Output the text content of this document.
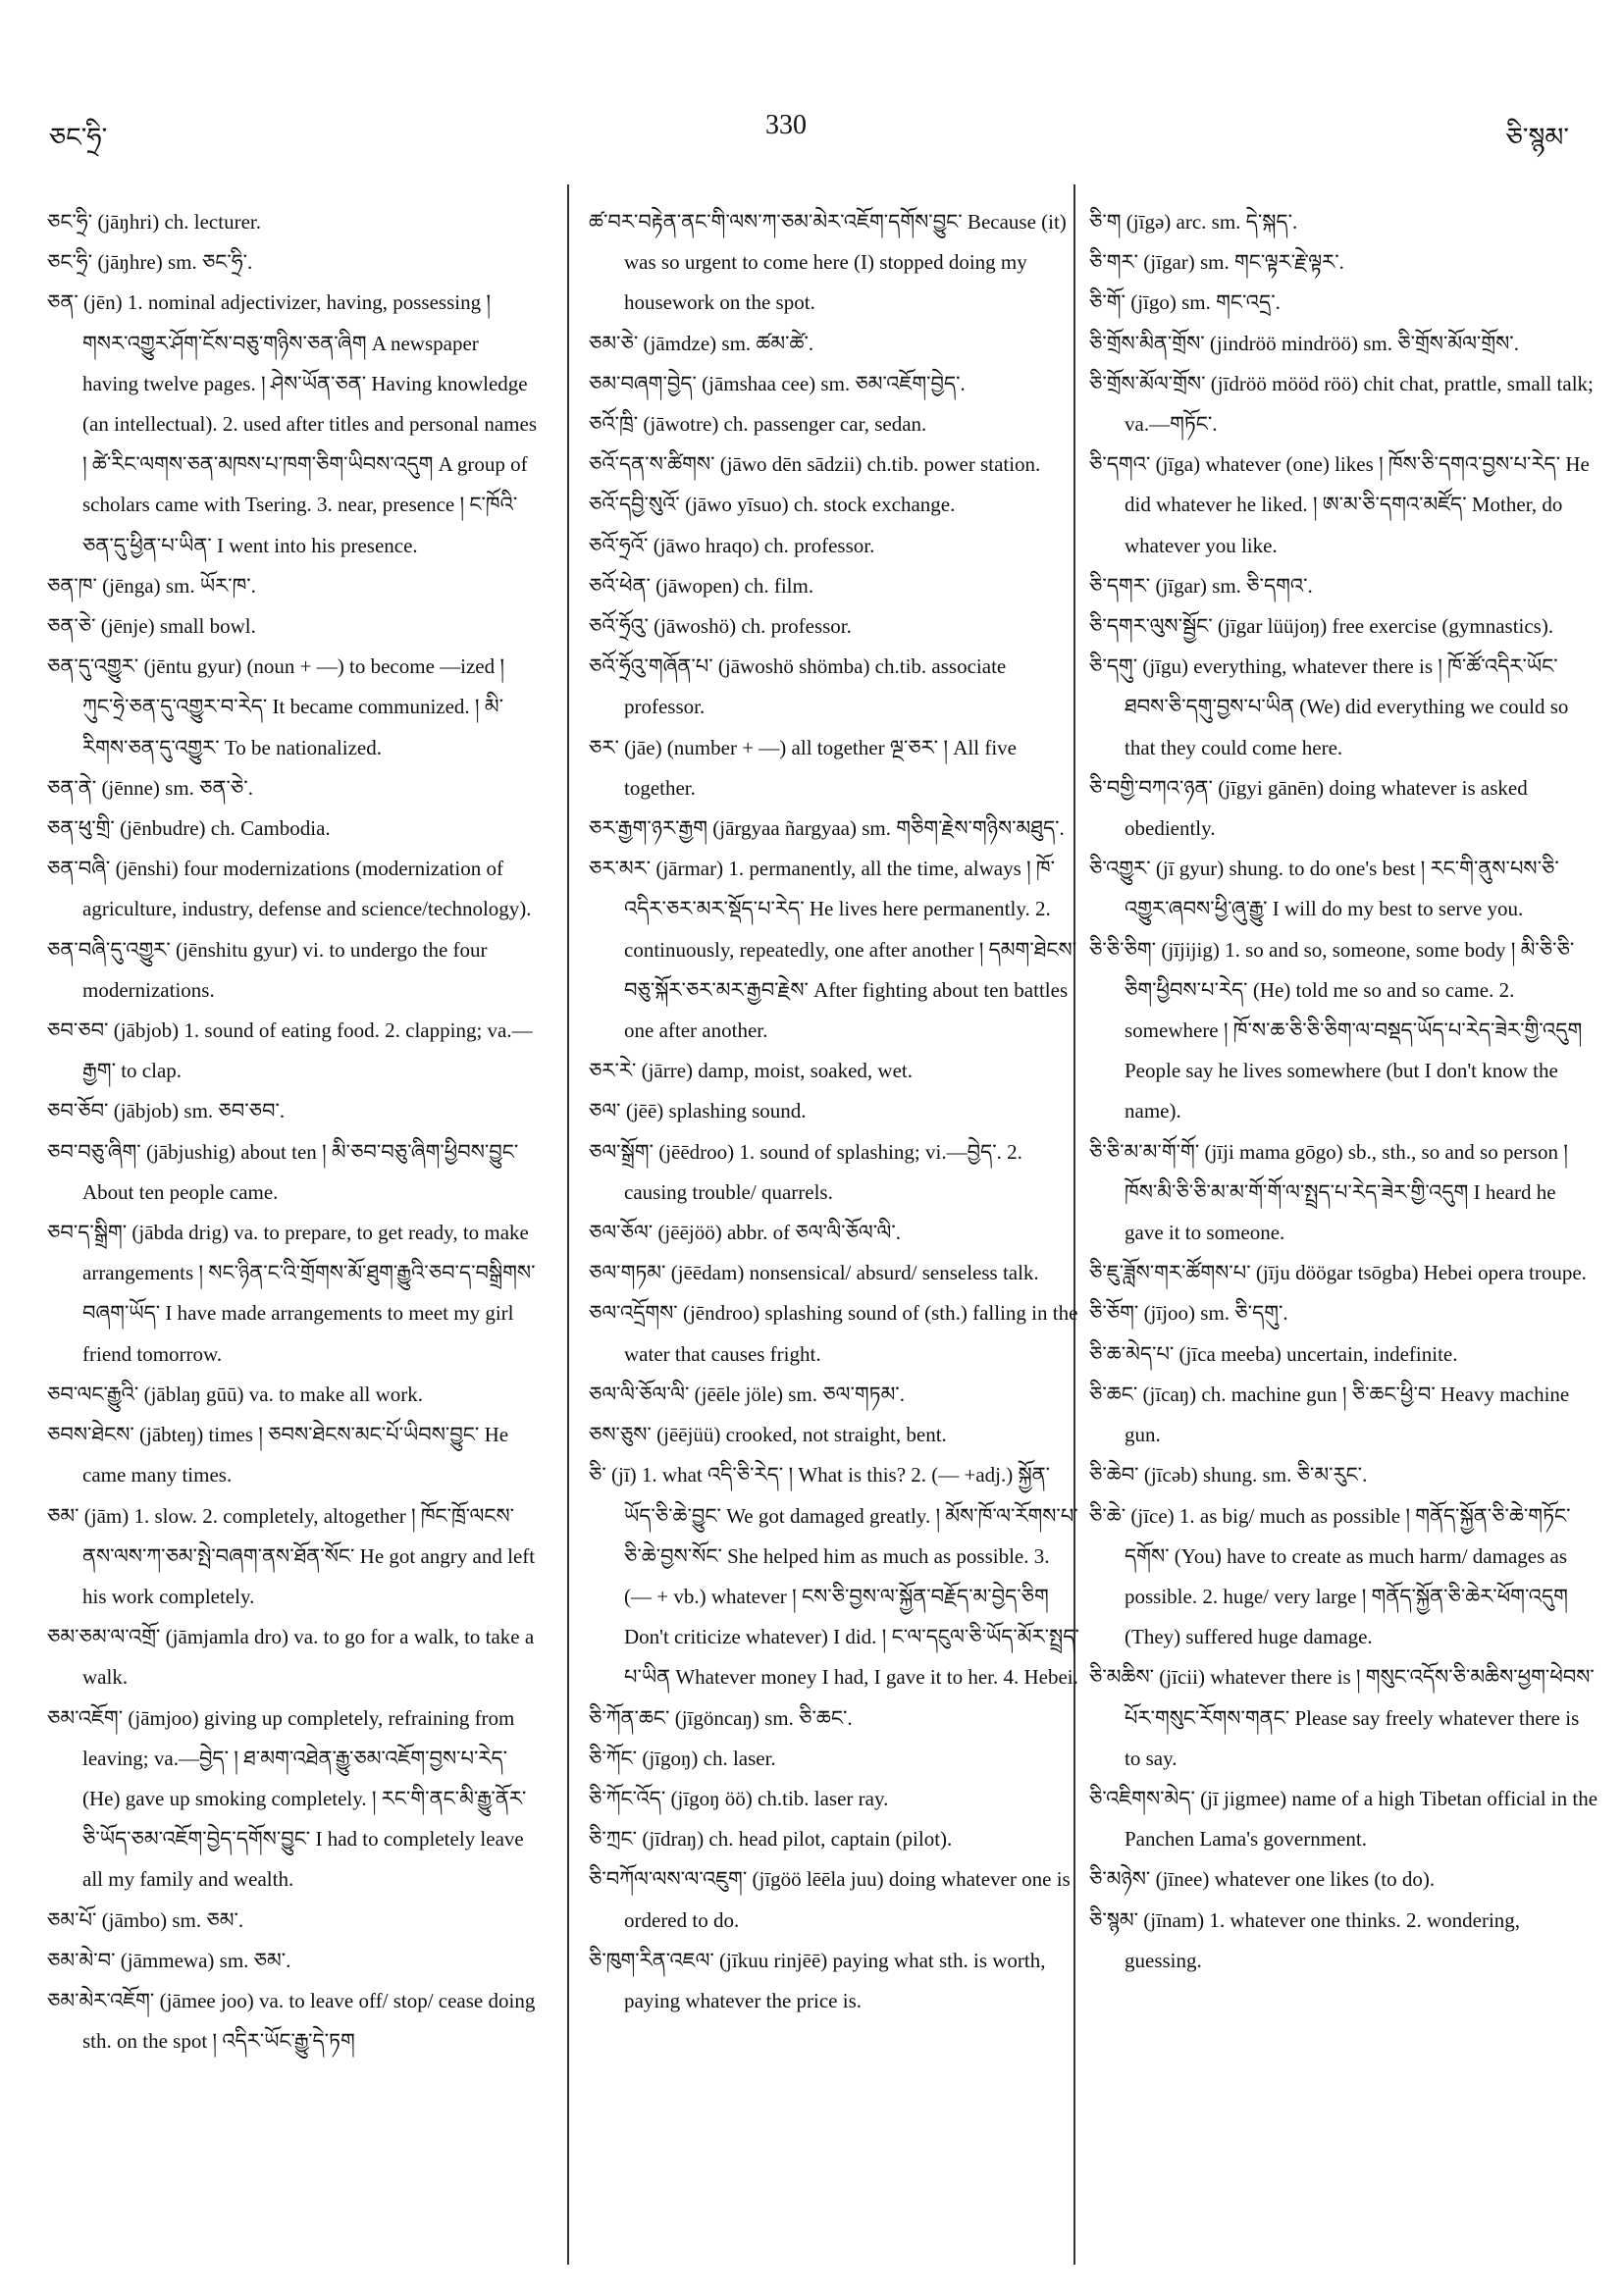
ཅང་ཧྲི་	330	ཅི་སྙམ་

ཅང་ཧྲི་ (jāŋhri) ch. lecturer.

ཅང་ཧྲི་ (jāŋhre) sm. ཅང་ཧྲི་.

ཅན་ (jēn) 1. nominal adjectivizer, having, possessing ། གསར་འགྱུར་ཤོག་ངོས་བཅུ་གཉིས་ཅན་ཞིག A newspaper having twelve pages. ། ཤེས་ཡོན་ཅན་ Having knowledge (an intellectual). 2. used after titles and personal names ། ཚེ་རིང་ལགས་ཅན་མཁས་པ་ཁག་ཅིག་ཡིབས་འདུག A group of scholars came with Tsering. 3. near, presence ། ང་ཁོའི་ཅན་དུ་ཕྱིན་པ་ཡིན་ I went into his presence.

ཅན་ཁ་ (jēnga) sm. ཡོར་ཁ་.

ཅན་ཅེ་ (jēnje) small bowl.

ཅན་དུ་འགྱུར་ (jēntu gyur) (noun + —) to become —ized ། ཀུང་ཧྲེ་ཅན་དུ་འགྱུར་བ་རེད་ It became communized. ། མི་རིགས་ཅན་དུ་འགྱུར་ To be nationalized.

ཅན་ནེ་ (jēnne) sm. ཅན་ཅེ་.

ཅན་ཕུ་གྲི་ (jēnbudre) ch. Cambodia.

ཅན་བཞི་ (jēnshi) four modernizations (modernization of agriculture, industry, defense and science/technology).

ཅན་བཞི་དུ་འགྱུར་ (jēnshitu gyur) vi. to undergo the four modernizations.

ཅབ་ཅབ་ (jābjob) 1. sound of eating food. 2. clapping; va.—རྒྱག་ to clap.

ཅབ་ཅོབ་ (jābjob) sm. ཅབ་ཅབ་.

ཅབ་བཅུ་ཞིག་ (jābjushig) about ten ། མི་ཅབ་བཅུ་ཞིག་ཕྱིབས་བྱུང་ About ten people came.

ཅབ་ད་སྒྲིག་ (jābda drig) va. to prepare, to get ready, to make arrangements ། སང་ཉིན་ང་འི་གྲོགས་མོ་ཐུག་རྒྱུའི་ཅབ་ད་བསྒྲིགས་བཞག་ཡོད་ I have made arrangements to meet my girl friend tomorrow.

ཅབ་ལང་རྒྱུའི་ (jāblaŋ gūū) va. to make all work.

ཅབས་ཐེངས་ (jābteŋ) times ། ཅབས་ཐེངས་མང་པོ་ཡིབས་བྱུང་ He came many times.

ཅམ་ (jām) 1. slow. 2. completely, altogether ། ཁོང་ཁྲོ་ལངས་ནས་ལས་ཀ་ཅམ་སྤེ་བཞག་ནས་ཐོན་སོང་ He got angry and left his work completely.

ཅམ་ཅམ་ལ་འགྲོ་ (jāmjamla dro) va. to go for a walk, to take a walk.

ཅམ་འཇོག་ (jāmjoo) giving up completely, refraining from leaving; va.—བྱེད་ ། ཐ་མག་འཐེན་རྒྱུ་ཅམ་འཇོག་བྱས་པ་རེད་ (He) gave up smoking completely. ། རང་གི་ནང་མི་རྒྱུ་ནོར་ཅི་ཡོད་ཅམ་འཇོག་བྱེད་དགོས་བྱུང་ I had to completely leave all my family and wealth.

ཅམ་པོ་ (jāmbo) sm. ཅམ་.

ཅམ་མེ་བ་ (jāmmewa) sm. ཅམ་.

ཅམ་མེར་འཇོག་ (jāmee joo) va. to leave off/ stop/ cease doing sth. on the spot ། འདིར་ཡོང་རྒྱུ་དེ་ཏག

ཚ་བར་བརྟེན་ནང་གི་ལས་ཀ་ཅམ་མེར་འཇོག་དགོས་བྱུང་ Because (it) was so urgent to come here (I) stopped doing my housework on the spot.

ཅམ་ཅེ་ (jāmdze) sm. ཚམ་ཚེ་.

ཅམ་བཞག་བྱེད་ (jāmshaa cee) sm. ཅམ་འཇོག་བྱེད་.

ཅའོ་ཁྲི་ (jāwotre) ch. passenger car, sedan.

ཅའོ་དན་ས་ཚིགས་ (jāwo dēn sādzii) ch.tib. power station.

ཅའོ་དབྱི་སུའོ་ (jāwo yīsuo) ch. stock exchange.

ཅའོ་ཧྲའོ་ (jāwo hraqo) ch. professor.

ཅའོ་ཕེན་ (jāwopen) ch. film.

ཅའོ་ཧྲོའུ་ (jāwoshö) ch. professor.

ཅའོ་ཧྲོའུ་གཞོན་པ་ (jāwoshö shömba) ch.tib. associate professor.

ཅར་ (jāe) (number + —) all together ལྔ་ཅར་ ། All five together.

ཅར་རྒྱག་ཉར་རྒྱག (jārgyaa ñargyaa) sm. གཅིག་རྗེས་གཉིས་མཐུད་.

ཅར་མར་ (jārmar) 1. permanently, all the time, always ། ཁོ་འདིར་ཅར་མར་སྡོད་པ་རེད་ He lives here permanently. 2. continuously, repeatedly, one after another ། དམག་ཐེངས་བཅུ་སྐོར་ཅར་མར་རྒྱབ་རྗེས་ After fighting about ten battles one after another.

ཅར་རེ་ (jārre) damp, moist, soaked, wet.

ཅལ་ (jēē) splashing sound.

ཅལ་སྒྲོག་ (jēēdroo) 1. sound of splashing; vi.—བྱེད་. 2. causing trouble/ quarrels.

ཅལ་ཅོལ་ (jēējöö) abbr. of ཅལ་ལི་ཅོལ་ལི་.

ཅལ་གཏམ་ (jēēdam) nonsensical/ absurd/ senseless talk.

ཅལ་འདྲོགས་ (jēndroo) splashing sound of (sth.) falling in the water that causes fright.

ཅལ་ལི་ཅོལ་ལི་ (jēēle jöle) sm. ཅལ་གཏམ་.

ཅས་ཅུས་ (jēējüü) crooked, not straight, bent.

ཅི་ (jī) 1. what འདི་ཅི་རེད་ ། What is this? 2. (— +adj.) སྐྱོན་ཡོད་ཅི་ཆེ་བྱུང་ We got damaged greatly. ། མོས་ཁོ་ལ་རོགས་པ་ཅི་ཆེ་བྱས་སོང་ She helped him as much as possible. 3. (— + vb.) whatever ། ངས་ཅི་བྱས་ལ་སྐྱོན་བརྗོད་མ་བྱེད་ཅིག Don't criticize whatever) I did. ། ང་ལ་དངུལ་ཅི་ཡོད་མོར་སྤྲད་པ་ཡིན Whatever money I had, I gave it to her. 4. Hebei.

ཅི་ཀོན་ཆང་ (jīgöncaŋ) sm. ཅི་ཆང་.

ཅི་ཀོང་ (jīgoŋ) ch. laser.

ཅི་ཀོང་འོད་ (jīgoŋ öö) ch.tib. laser ray.

ཅི་ཀྲང་ (jīdraŋ) ch. head pilot, captain (pilot).

ཅི་བཀོལ་ལས་ལ་འཇུག་ (jīgöö lēēla juu) doing whatever one is ordered to do.

ཅི་ཁུག་རིན་འཇལ་ (jīkuu rinjēē) paying what sth. is worth, paying whatever the price is.

ཅི་ག (jīgə) arc. sm. དེ་སྐད་.

ཅི་གར་ (jīgar) sm. གང་ལྟར་རྗེ་ལྟར་.

ཅི་གོ་ (jīgo) sm. གང་འདྲ་.

ཅི་གྲོས་མིན་གྲོས་ (jindröö mindröö) sm. ཅི་གྲོས་མོལ་གྲོས་.

ཅི་གྲོས་མོལ་གྲོས་ (jīdröö mööd röö) chit chat, prattle, small talk; va.—གཏོང་.

ཅི་དགའ་ (jīga) whatever (one) likes ། ཁོས་ཅི་དགའ་བྱས་པ་རེད་ He did whatever he liked. ། ཨ་མ་ཅི་དགའ་མཛོད་ Mother, do whatever you like.

ཅི་དགར་ (jīgar) sm. ཅི་དགའ་.

ཅི་དགར་ལུས་སྦྱོང་ (jīgar lüüjoŋ) free exercise (gymnastics).

ཅི་དགུ་ (jīgu) everything, whatever there is ། ཁོ་ཚོ་འདིར་ཡོང་ཐབས་ཅི་དགུ་བྱས་པ་ཡིན (We) did everything we could so that they could come here.

ཅི་བགྱི་བཀའ་ཉན་ (jīgyi gānēn) doing whatever is asked obediently.

ཅི་འགྱུར་ (jī gyur) shung. to do one's best ། རང་གི་ནུས་པས་ཅི་འགྱུར་ཞབས་ཕྱི་ཞུ་རྒྱུ་ I will do my best to serve you.

ཅི་ཅི་ཅིག་ (jījijig) 1. so and so, someone, some body ། མི་ཅི་ཅི་ཅིག་ཕྱིབས་པ་རེད་ (He) told me so and so came. 2. somewhere ། ཁོ་ས་ཆ་ཅི་ཅི་ཅིག་ལ་བསྡད་ཡོད་པ་རེད་ཟེར་གྱི་འདུག People say he lives somewhere (but I don't know the name).

ཅི་ཅི་མ་མ་གོ་གོ་ (jīji mama gōgo) sb., sth., so and so person ། ཁོས་མི་ཅི་ཅི་མ་མ་གོ་གོ་ལ་སྤྲད་པ་རེད་ཟེར་གྱི་འདུག I heard he gave it to someone.

ཅི་ཇུ་ཟློས་གར་ཚོགས་པ་ (jīju döögar tsōgba) Hebei opera troupe.

ཅི་ཅོག་ (jījoo) sm. ཅི་དགུ་.

ཅི་ཆ་མེད་པ་ (jīca meeba) uncertain, indefinite.

ཅི་ཆང་ (jīcaŋ) ch. machine gun ། ཅི་ཆང་ཕྱི་བ་ Heavy machine gun.

ཅི་ཆེབ་ (jīcəb) shung. sm. ཅི་མ་རུང་.

ཅི་ཆེ་ (jīce) 1. as big/ much as possible ། གནོད་སྐྱོན་ཅི་ཆེ་གཏོང་དགོས་ (You) have to create as much harm/ damages as possible. 2. huge/ very large ། གནོད་སྐྱོན་ཅི་ཆེར་ཕོག་འདུག (They) suffered huge damage.

ཅི་མཆིས་ (jīcii) whatever there is ། གསུང་འདོས་ཅི་མཆིས་ཕྱག་ཕེབས་པོར་གསུང་རོགས་གནང་ Please say freely whatever there is to say.

ཅི་འཇིགས་མེད་ (jī jigmee) name of a high Tibetan official in the Panchen Lama's government.

ཅི་མཉེས་ (jīnee) whatever one likes (to do).

ཅི་སྙམ་ (jīnam) 1. whatever one thinks. 2. wondering, guessing.
